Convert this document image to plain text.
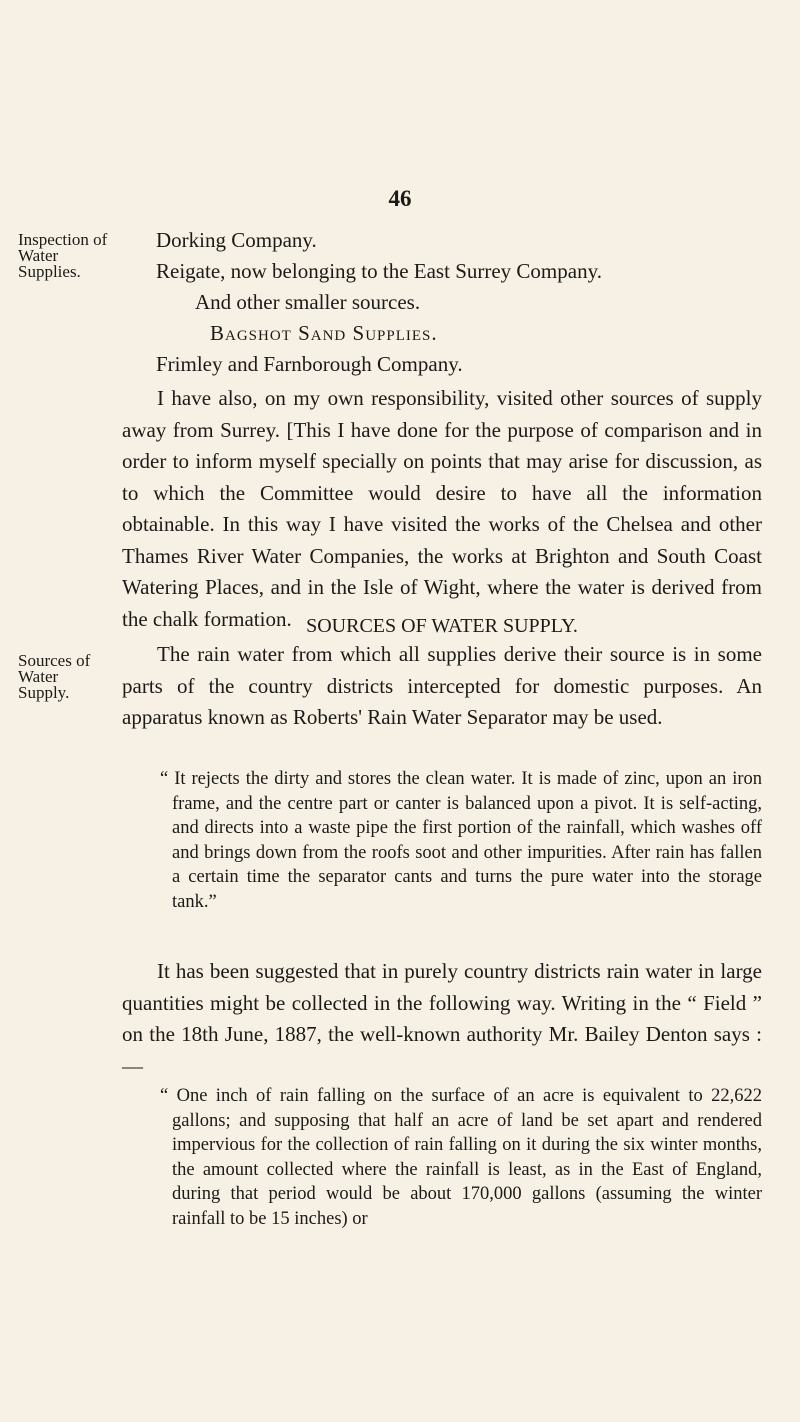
46
Inspection of Water Supplies.
Sources of Water Supply.

Dorking Company.

Reigate, now belonging to the East Surrey Company.

And other smaller sources.

Bagshot Sand Supplies.

Frimley and Farnborough Company.

I have also, on my own responsibility, visited other sources of supply away from Surrey. [This I have done for the purpose of comparison and in order to inform myself specially on points that may arise for discussion, as to which the Committee would desire to have all the information obtainable. In this way I have visited the works of the Chelsea and other Thames River Water Companies, the works at Brighton and South Coast Watering Places, and in the Isle of Wight, where the water is derived from the chalk formation. SOURCES OF WATER SUPPLY.

The rain water from which all supplies derive their source is in some parts of the country districts intercepted for domestic purposes. An apparatus known as Roberts' Rain Water Separator may be used.

“ It rejects the dirty and stores the clean water. It is made of zinc, upon an iron frame, and the centre part or canter is balanced upon a pivot. It is self-acting, and directs into a waste pipe the first portion of the rainfall, which washes off and brings down from the roofs soot and other impurities. After rain has fallen a certain time the separator cants and turns the pure water into the storage tank.”

It has been suggested that in purely country districts rain water in large quantities might be collected in the following way. Writing in the “ Field ” on the 18th June, 1887, the well-known authority Mr. Bailey Denton says :—

“ One inch of rain falling on the surface of an acre is equivalent to 22,622 gallons; and supposing that half an acre of land be set apart and rendered impervious for the collection of rain falling on it during the six winter months, the amount collected where the rainfall is least, as in the East of England, during that period would be about 170,000 gallons (assuming the winter rainfall to be 15 inches) or
